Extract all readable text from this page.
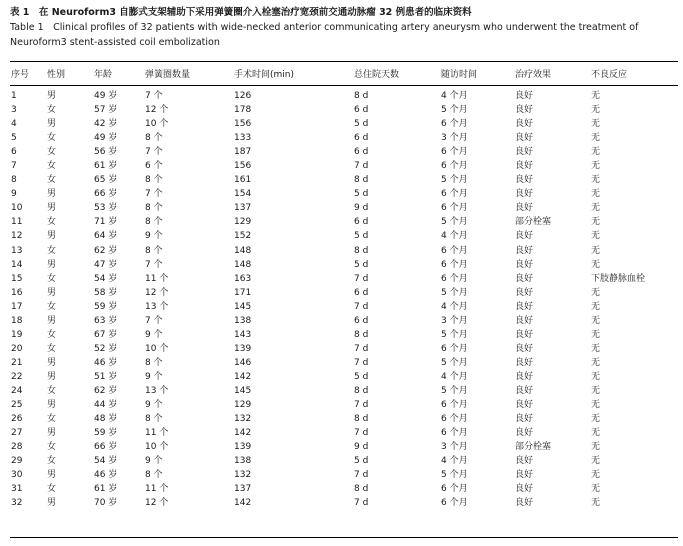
表 1　在 Neuroform3 自膨式支架辅助下采用弹簧圈介入栓塞治疗宽颈前交通动脉瘤 32 例患者的临床资料
Table 1　Clinical profiles of 32 patients with wide-necked anterior communicating artery aneurysm who underwent the treatment of Neuroform3 stent-assisted coil embolization
序号 性别	年龄	弹簧圈数量	手术时间(min)	总住院天数	随访时间	治疗效果	不良反应
1	男	49 岁	7 个	126	8 d	4 个月	良好	无
3	女	57 岁	12 个	178	6 d	5 个月	良好	无
4	男	42 岁	10 个	156	5 d	6 个月	良好	无
5	女	49 岁	8 个	133	6 d	3 个月	良好	无
6	女	56 岁	7 个	187	6 d	6 个月	良好	无
7	女	61 岁	6 个	156	7 d	6 个月	良好	无
8	女	65 岁	8 个	161	8 d	5 个月	良好	无
9	男	66 岁	7 个	154	5 d	6 个月	良好	无
10	男	53 岁	8 个	137	9 d	6 个月	良好	无
11	女	71 岁	8 个	129	6 d	5 个月	部分栓塞	无
12	男	64 岁	9 个	152	5 d	4 个月	良好	无
13	女	62 岁	8 个	148	8 d	6 个月	良好	无
14	男	47 岁	7 个	148	5 d	6 个月	良好	无
15	女	54 岁	11 个	163	7 d	6 个月	良好	下肢静脉血栓
16	男	58 岁	12 个	171	6 d	5 个月	良好	无
17	女	59 岁	13 个	145	7 d	4 个月	良好	无
18	男	63 岁	7 个	138	6 d	3 个月	良好	无
19	女	67 岁	9 个	143	8 d	5 个月	良好	无
20	女	52 岁	10 个	139	7 d	6 个月	良好	无
21	男	46 岁	8 个	146	7 d	5 个月	良好	无
22	男	51 岁	9 个	142	5 d	4 个月	良好	无
24	女	62 岁	13 个	145	8 d	5 个月	良好	无
25	男	44 岁	9 个	129	7 d	6 个月	良好	无
26	女	48 岁	8 个	132	8 d	6 个月	良好	无
27	男	59 岁	11 个	142	7 d	6 个月	良好	无
28	女	66 岁	10 个	139	9 d	3 个月	部分栓塞	无
29	女	54 岁	9 个	138	5 d	4 个月	良好	无
30	男	46 岁	8 个	132	7 d	5 个月	良好	无
31	女	61 岁	11 个	137	8 d	6 个月	良好	无
32	男	70 岁	12 个	142	7 d	6 个月	良好	无
